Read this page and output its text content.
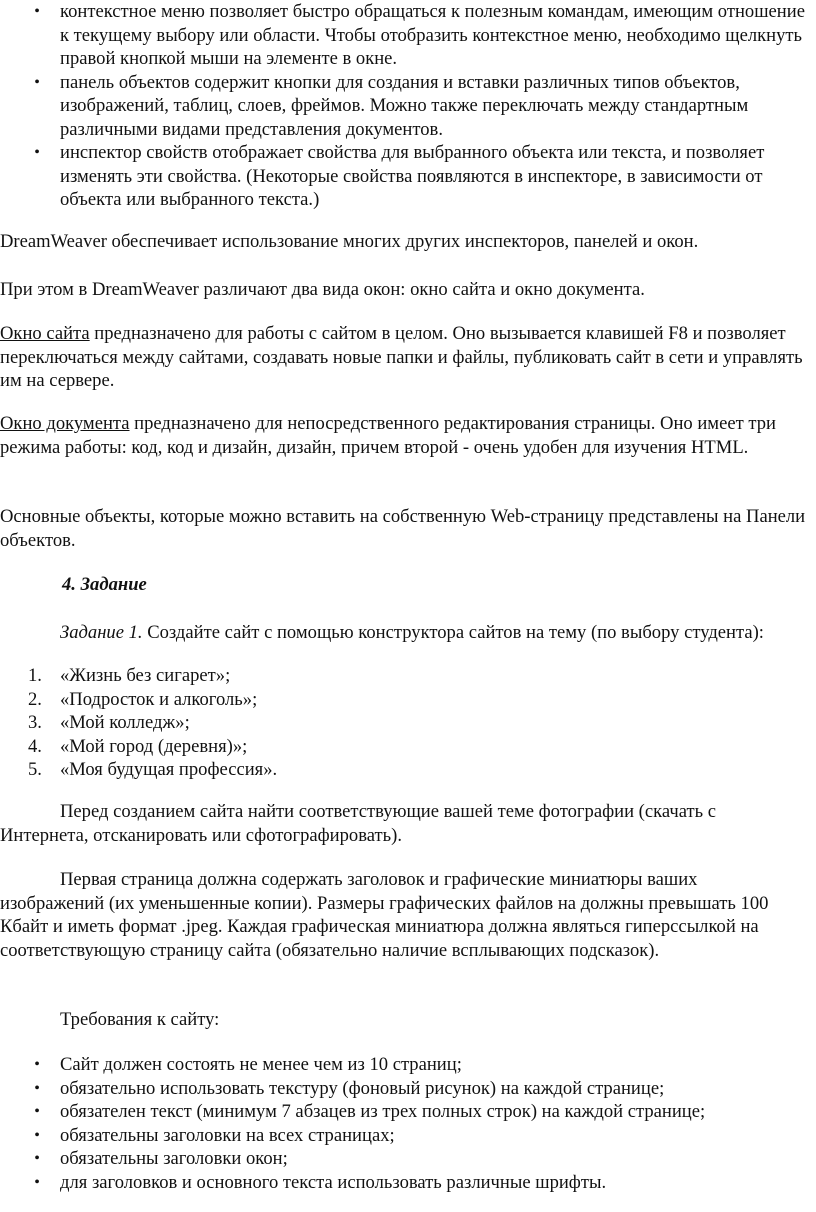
• контекстное меню позволяет быстро обращаться к полезным командам, имеющим отношение к текущему выбору или области. Чтобы отобразить контекстное меню, необходимо щелкнуть правой кнопкой мыши на элементе в окне.
• панель объектов содержит кнопки для создания и вставки различных типов объектов, изображений, таблиц, слоев, фреймов. Можно также переключать между стандартным различными видами представления документов.
• инспектор свойств отображает свойства для выбранного объекта или текста, и позволяет изменять эти свойства. (Некоторые свойства появляются в инспекторе, в зависимости от объекта или выбранного текста.)

DreamWeaver обеспечивает использование многих других инспекторов, панелей и окон.

При этом в DreamWeaver различают два вида окон: окно сайта и окно документа.

Окно сайта предназначено для работы с сайтом в целом. Оно вызывается клавишей F8 и позволяет переключаться между сайтами, создавать новые папки и файлы, публиковать сайт в сети и управлять им на сервере.

Окно документа предназначено для непосредственного редактирования страницы. Оно имеет три режима работы: код, код и дизайн, дизайн, причем второй - очень удобен для изучения HTML.

Основные объекты, которые можно вставить на собственную Web-страницу представлены на Панели объектов.

4. Задание

Задание 1. Создайте сайт с помощью конструктора сайтов на тему (по выбору студента):

1. «Жизнь без сигарет»;
2. «Подросток и алкоголь»;
3. «Мой колледж»;
4. «Мой город (деревня)»;
5. «Моя будущая профессия».

Перед созданием сайта найти соответствующие вашей теме фотографии (скачать с Интернета, отсканировать или сфотографировать).

Первая страница должна содержать заголовок и графические миниатюры ваших изображений (их уменьшенные копии). Размеры графических файлов на должны превышать 100 Кбайт и иметь формат .jpeg. Каждая графическая миниатюра должна являться гиперссылкой на соответствующую страницу сайта (обязательно наличие всплывающих подсказок).

Требования к сайту:

• Сайт должен состоять не менее чем из 10 страниц;
• обязательно использовать текстуру (фоновый рисунок) на каждой странице;
• обязателен текст (минимум 7 абзацев из трех полных строк) на каждой странице;
• обязательны заголовки на всех страницах;
• обязательны заголовки окон;
• для заголовков и основного текста использовать различные шрифты.
